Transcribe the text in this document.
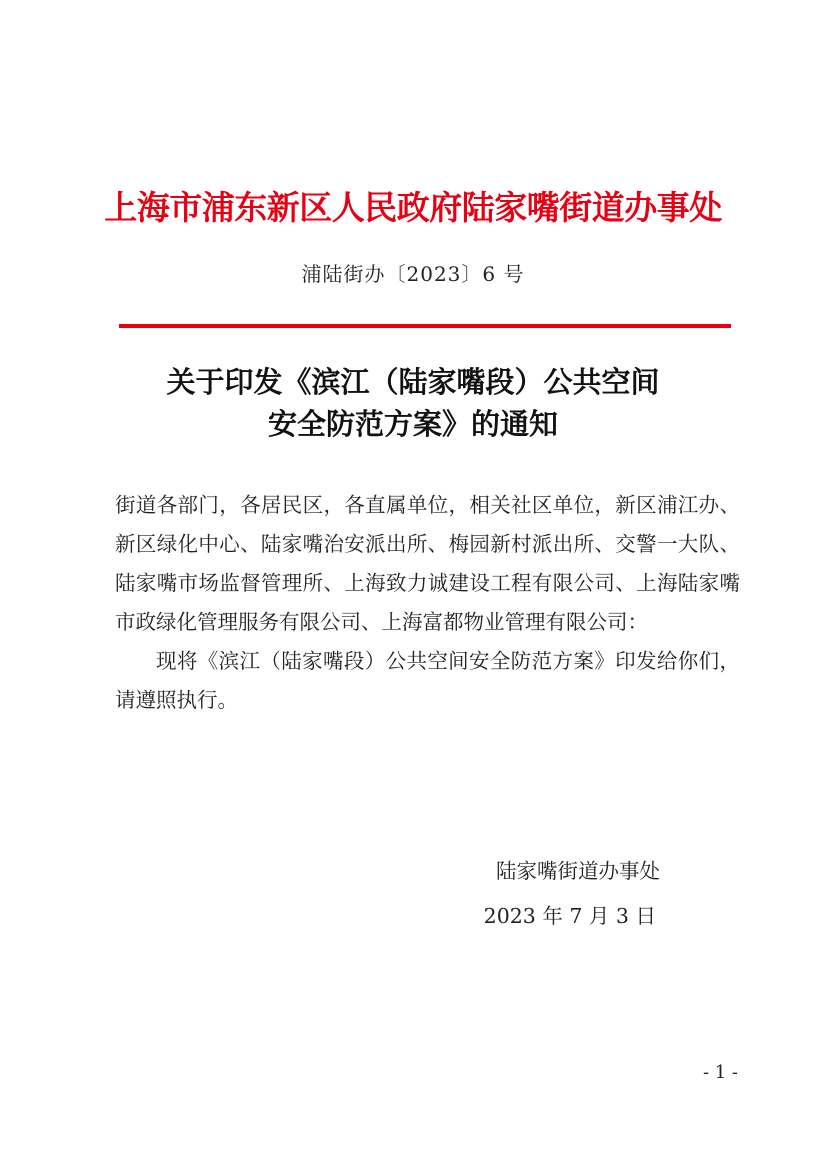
上海市浦东新区人民政府陆家嘴街道办事处
浦陆街办〔2023〕6 号
关于印发《滨江（陆家嘴段）公共空间
安全防范方案》的通知

街道各部门，各居民区，各直属单位，相关社区单位，新区浦江办、新区绿化中心、陆家嘴治安派出所、梅园新村派出所、交警一大队、陆家嘴市场监督管理所、上海致力诚建设工程有限公司、上海陆家嘴市政绿化管理服务有限公司、上海富都物业管理有限公司：

现将《滨江（陆家嘴段）公共空间安全防范方案》印发给你们，请遵照执行。

陆家嘴街道办事处
2023 年 7 月 3 日
- 1 -
